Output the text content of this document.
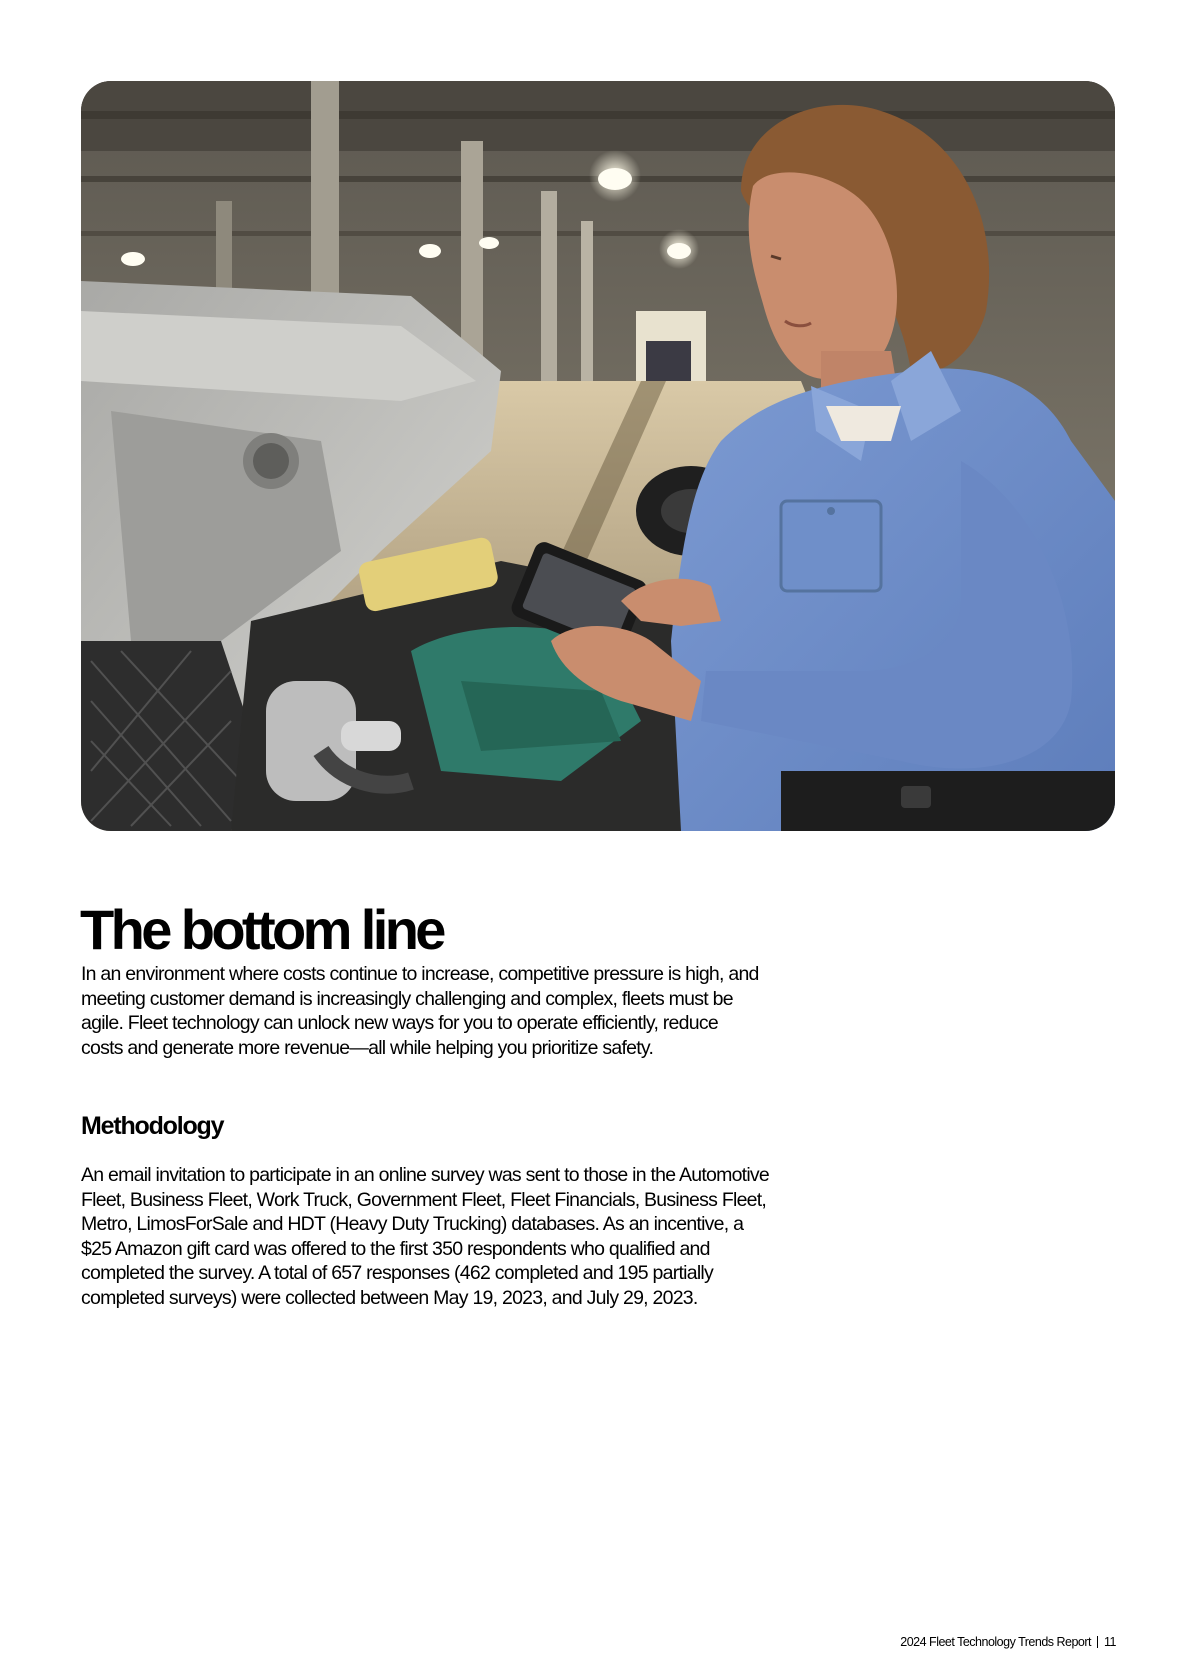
The bottom line

In an environment where costs continue to increase, competitive pressure is high, and meeting customer demand is increasingly challenging and complex, fleets must be agile. Fleet technology can unlock new ways for you to operate efficiently, reduce costs and generate more revenue—all while helping you prioritize safety.

Methodology

An email invitation to participate in an online survey was sent to those in the Automotive Fleet, Business Fleet, Work Truck, Government Fleet, Fleet Financials, Business Fleet, Metro, LimosForSale and HDT (Heavy Duty Trucking) databases. As an incentive, a $25 Amazon gift card was offered to the first 350 respondents who qualified and completed the survey. A total of 657 responses (462 completed and 195 partially completed surveys) were collected between May 19, 2023, and July 29, 2023.

2024 Fleet Technology Trends Report 11
